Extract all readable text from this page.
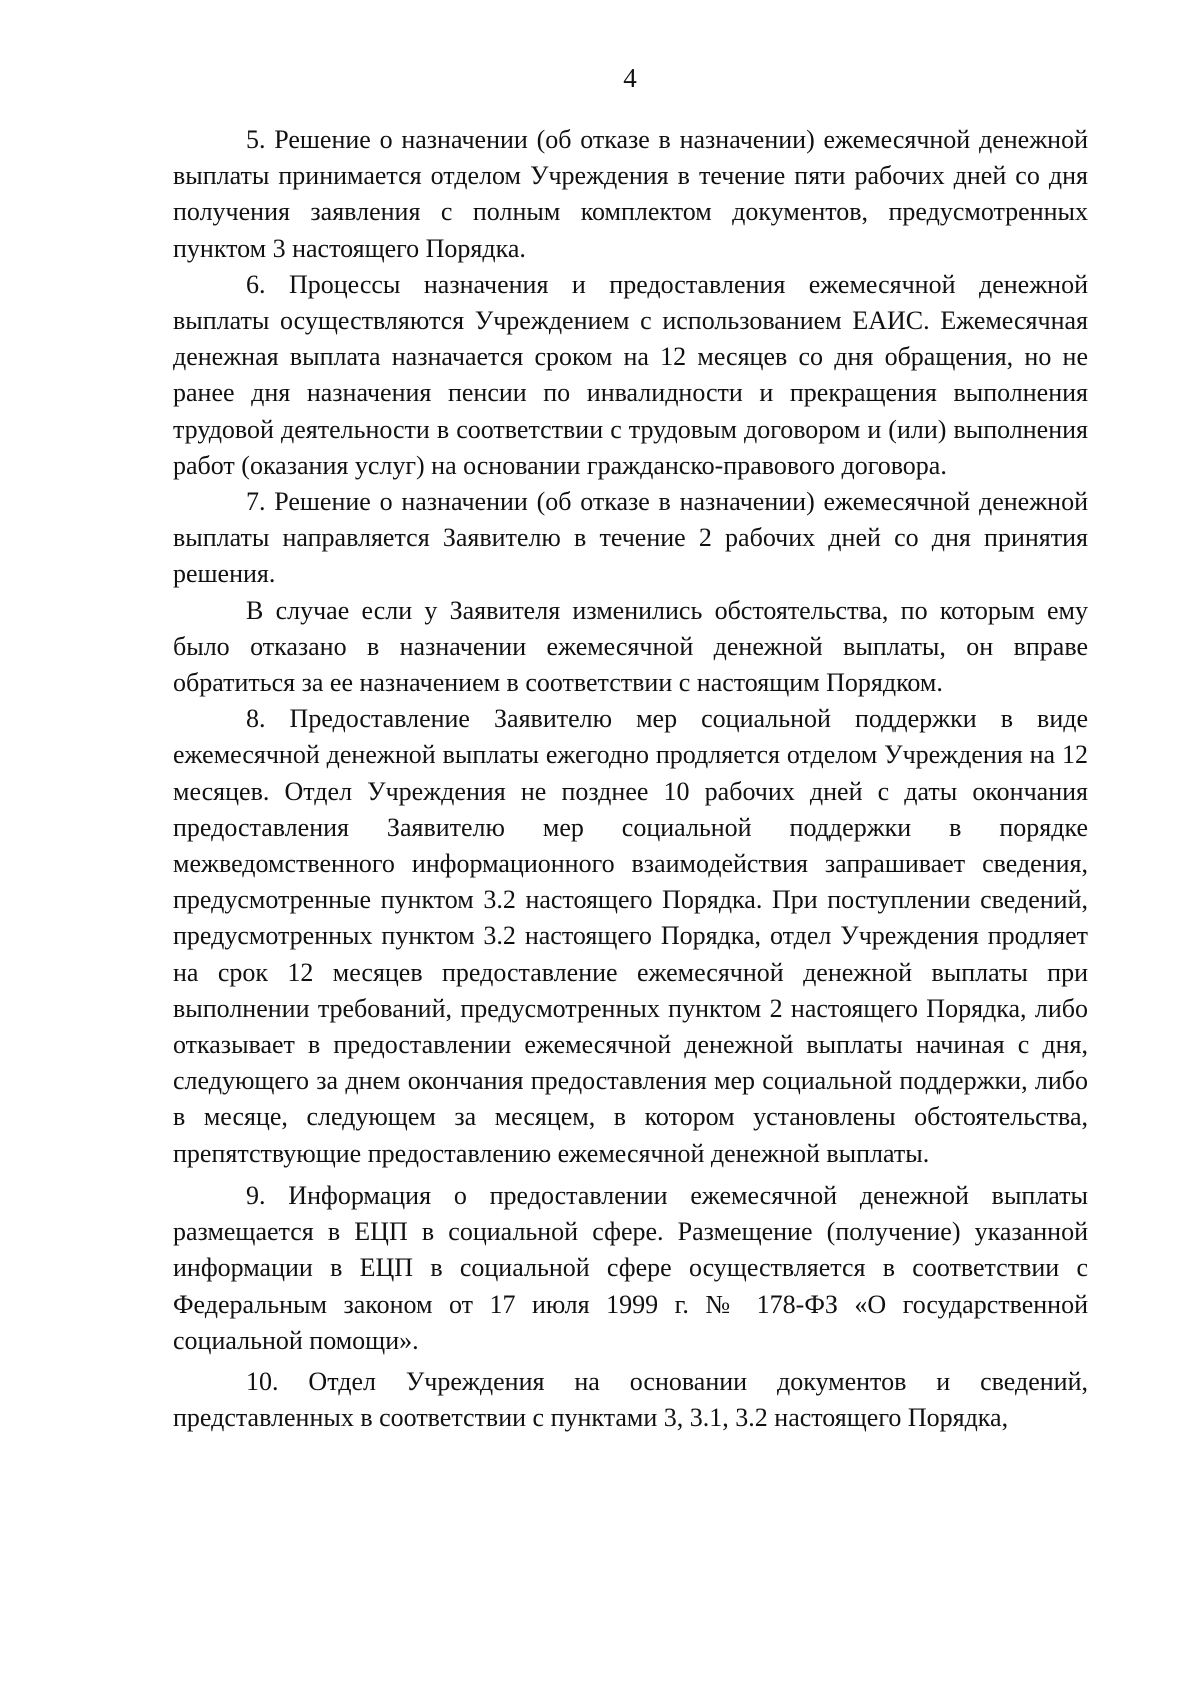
4

5. Решение о назначении (об отказе в назначении) ежемесячной денежной выплаты принимается отделом Учреждения в течение пяти рабочих дней со дня получения заявления с полным комплектом документов, предусмотренных пунктом 3 настоящего Порядка.

6. Процессы назначения и предоставления ежемесячной денежной выплаты осуществляются Учреждением с использованием ЕАИС. Ежемесячная денежная выплата назначается сроком на 12 месяцев со дня обращения, но не ранее дня назначения пенсии по инвалидности и прекращения выполнения трудовой деятельности в соответствии с трудовым договором и (или) выполнения работ (оказания услуг) на основании гражданско-правового договора.

7. Решение о назначении (об отказе в назначении) ежемесячной денежной выплаты направляется Заявителю в течение 2 рабочих дней со дня принятия решения.

В случае если у Заявителя изменились обстоятельства, по которым ему было отказано в назначении ежемесячной денежной выплаты, он вправе обратиться за ее назначением в соответствии с настоящим Порядком.

8. Предоставление Заявителю мер социальной поддержки в виде ежемесячной денежной выплаты ежегодно продляется отделом Учреждения на 12 месяцев. Отдел Учреждения не позднее 10 рабочих дней с даты окончания предоставления Заявителю мер социальной поддержки в порядке межведомственного информационного взаимодействия запрашивает сведения, предусмотренные пунктом 3.2 настоящего Порядка. При поступлении сведений, предусмотренных пунктом 3.2 настоящего Порядка, отдел Учреждения продляет на срок 12 месяцев предоставление ежемесячной денежной выплаты при выполнении требований, предусмотренных пунктом 2 настоящего Порядка, либо отказывает в предоставлении ежемесячной денежной выплаты начиная с дня, следующего за днем окончания предоставления мер социальной поддержки, либо в месяце, следующем за месяцем, в котором установлены обстоятельства, препятствующие предоставлению ежемесячной денежной выплаты.

9. Информация о предоставлении ежемесячной денежной выплаты размещается в ЕЦП в социальной сфере. Размещение (получение) указанной информации в ЕЦП в социальной сфере осуществляется в соответствии с Федеральным законом от 17 июля 1999 г. № 178-ФЗ «О государственной социальной помощи».

10. Отдел Учреждения на основании документов и сведений, представленных в соответствии с пунктами 3, 3.1, 3.2 настоящего Порядка,
